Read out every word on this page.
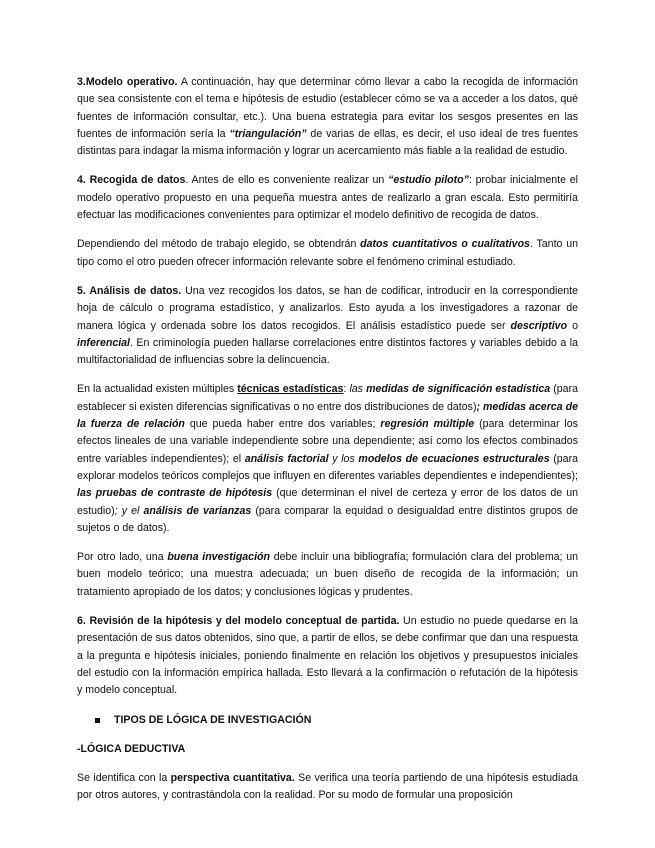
3.Modelo operativo. A continuación, hay que determinar cómo llevar a cabo la recogida de información que sea consistente con el tema e hipótesis de estudio (establecer cómo se va a acceder a los datos, qué fuentes de información consultar, etc.). Una buena estrategia para evitar los sesgos presentes en las fuentes de información sería la “triangulación” de varias de ellas, es decir, el uso ideal de tres fuentes distintas para indagar la misma información y lograr un acercamiento más fiable a la realidad de estudio.

4. Recogida de datos. Antes de ello es conveniente realizar un “estudio piloto”: probar inicialmente el modelo operativo propuesto en una pequeña muestra antes de realizarlo a gran escala. Esto permitiría efectuar las modificaciones convenientes para optimizar el modelo definitivo de recogida de datos.

Dependiendo del método de trabajo elegido, se obtendrán datos cuantitativos o cualitativos. Tanto un tipo como el otro pueden ofrecer información relevante sobre el fenómeno criminal estudiado.

5. Análisis de datos. Una vez recogidos los datos, se han de codificar, introducir en la correspondiente hoja de cálculo o programa estadístico, y analizarlos. Esto ayuda a los investigadores a razonar de manera lógica y ordenada sobre los datos recogidos. El análisis estadístico puede ser descriptivo o inferencial. En criminología pueden hallarse correlaciones entre distintos factores y variables debido a la multifactorialidad de influencias sobre la delincuencia.

En la actualidad existen múltiples técnicas estadísticas: las medidas de significación estadística (para establecer si existen diferencias significativas o no entre dos distribuciones de datos); medidas acerca de la fuerza de relación que pueda haber entre dos variables; regresión múltiple (para determinar los efectos lineales de una variable independiente sobre una dependiente; así como los efectos combinados entre variables independientes); el análisis factorial y los modelos de ecuaciones estructurales (para explorar modelos teóricos complejos que influyen en diferentes variables dependientes e independientes); las pruebas de contraste de hipótesis (que determinan el nivel de certeza y error de los datos de un estudio); y el análisis de varianzas (para comparar la equidad o desigualdad entre distintos grupos de sujetos o de datos).

Por otro lado, una buena investigación debe incluir una bibliografía; formulación clara del problema; un buen modelo teórico; una muestra adecuada; un buen diseño de recogida de la información; un tratamiento apropiado de los datos; y conclusiones lógicas y prudentes.

6. Revisión de la hipótesis y del modelo conceptual de partida. Un estudio no puede quedarse en la presentación de sus datos obtenidos, sino que, a partir de ellos, se debe confirmar que dan una respuesta a la pregunta e hipótesis iniciales, poniendo finalmente en relación los objetivos y presupuestos iniciales del estudio con la información empírica hallada. Esto llevará a la confirmación o refutación de la hipótesis y modelo conceptual.

TIPOS DE LÓGICA DE INVESTIGACIÓN
-LÓGICA DEDUCTIVA

Se identifica con la perspectiva cuantitativa. Se verifica una teoría partiendo de una hipótesis estudiada por otros autores, y contrastándola con la realidad. Por su modo de formular una proposición
